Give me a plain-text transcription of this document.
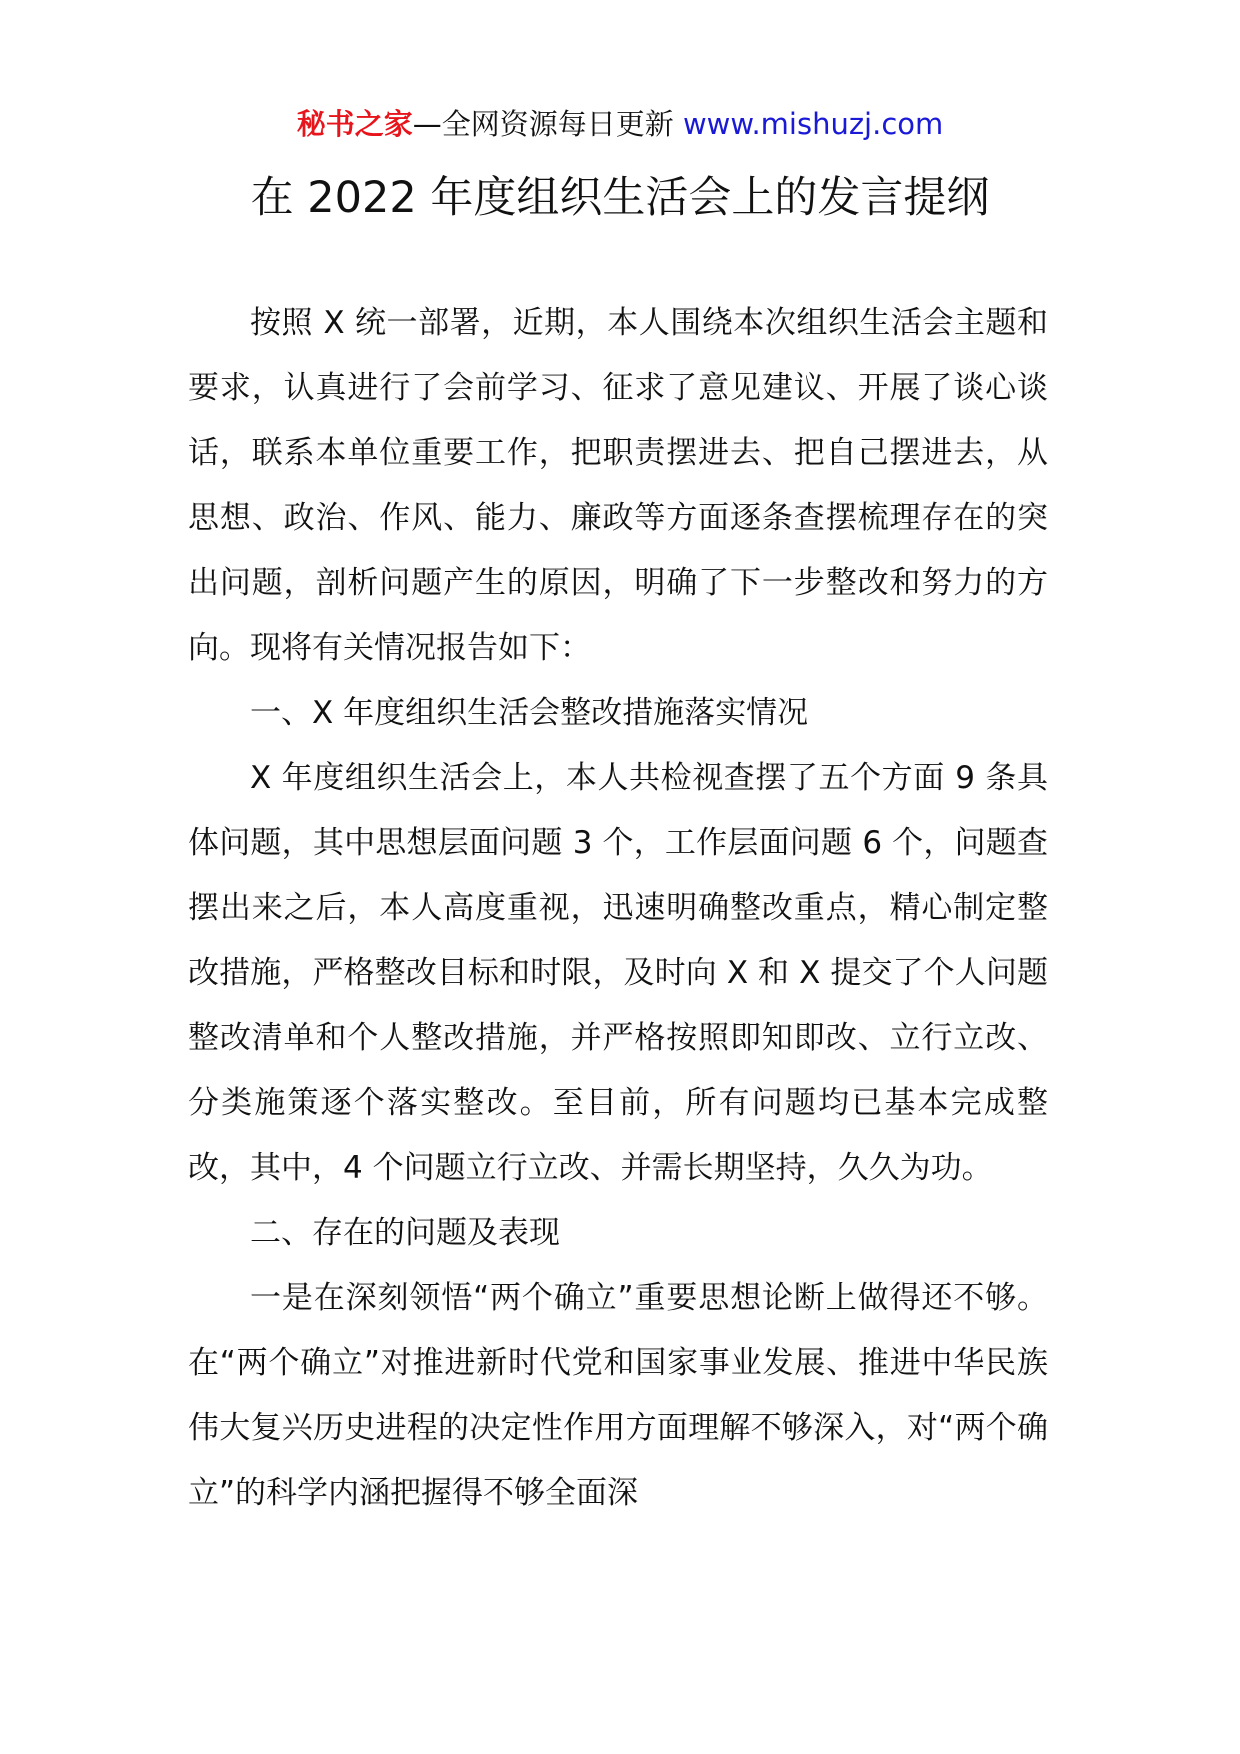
秘书之家—全网资源每日更新 www.mishuzj.com
在 2022 年度组织生活会上的发言提纲

按照 X 统一部署，近期，本人围绕本次组织生活会主题和要求，认真进行了会前学习、征求了意见建议、开展了谈心谈话，联系本单位重要工作，把职责摆进去、把自己摆进去，从思想、政治、作风、能力、廉政等方面逐条查摆梳理存在的突出问题，剖析问题产生的原因，明确了下一步整改和努力的方向。现将有关情况报告如下：

一、X 年度组织生活会整改措施落实情况

X 年度组织生活会上，本人共检视查摆了五个方面 9 条具体问题，其中思想层面问题 3 个，工作层面问题 6 个，问题查摆出来之后，本人高度重视，迅速明确整改重点，精心制定整改措施，严格整改目标和时限，及时向 X 和 X 提交了个人问题整改清单和个人整改措施，并严格按照即知即改、立行立改、分类施策逐个落实整改。至目前，所有问题均已基本完成整改，其中，4 个问题立行立改、并需长期坚持，久久为功。

二、存在的问题及表现

一是在深刻领悟“两个确立”重要思想论断上做得还不够。在“两个确立”对推进新时代党和国家事业发展、推进中华民族伟大复兴历史进程的决定性作用方面理解不够深入，对“两个确立”的科学内涵把握得不够全面深
